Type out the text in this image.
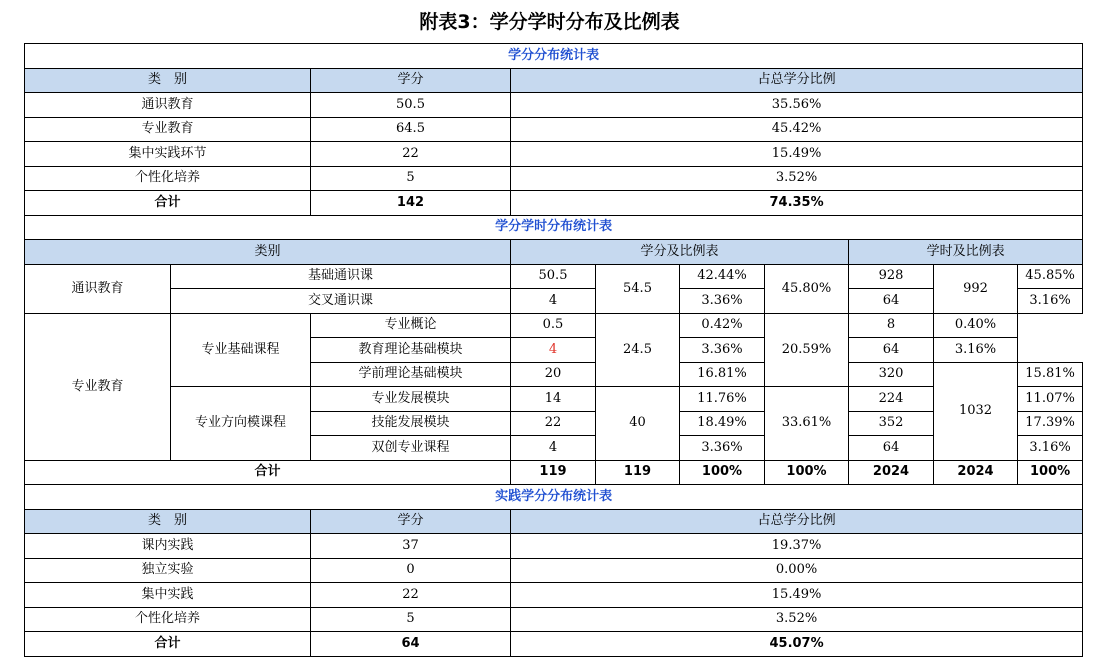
附表3：学分学时分布及比例表
学分分布统计表									
类　别		学分	占总学分比例						
通识教育		50.5	35.56%						
专业教育		64.5	45.42%						
集中实践环节		22	15.49%						
个性化培养		5	3.52%						
合计		142	74.35%						
学分学时分布统计表									
类别			学分及比例表				学时及比例表		
通识教育	基础通识课		50.5	54.5	42.44%	45.80%	928	992	45.85%
	交叉通识课		4		3.36%		64		3.16%
专业教育	专业基础课程	专业概论	0.5	24.5	0.42%	20.59%	8	0.40%	
		教育理论基础模块	4		3.36%		64	3.16%	
		学前理论基础模块	20		16.81%		320	1032	15.81%
	专业方向模课程	专业发展模块	14	40	11.76%	33.61%	224		11.07%
		技能发展模块	22		18.49%		352		17.39%
		双创专业课程	4		3.36%		64		3.16%
合计			119	119	100%	100%	2024	2024	100%
实践学分分布统计表									
类　别		学分	占总学分比例						
课内实践		37	19.37%						
独立实验		0	0.00%						
集中实践		22	15.49%						
个性化培养		5	3.52%						
合计		64	45.07%						
